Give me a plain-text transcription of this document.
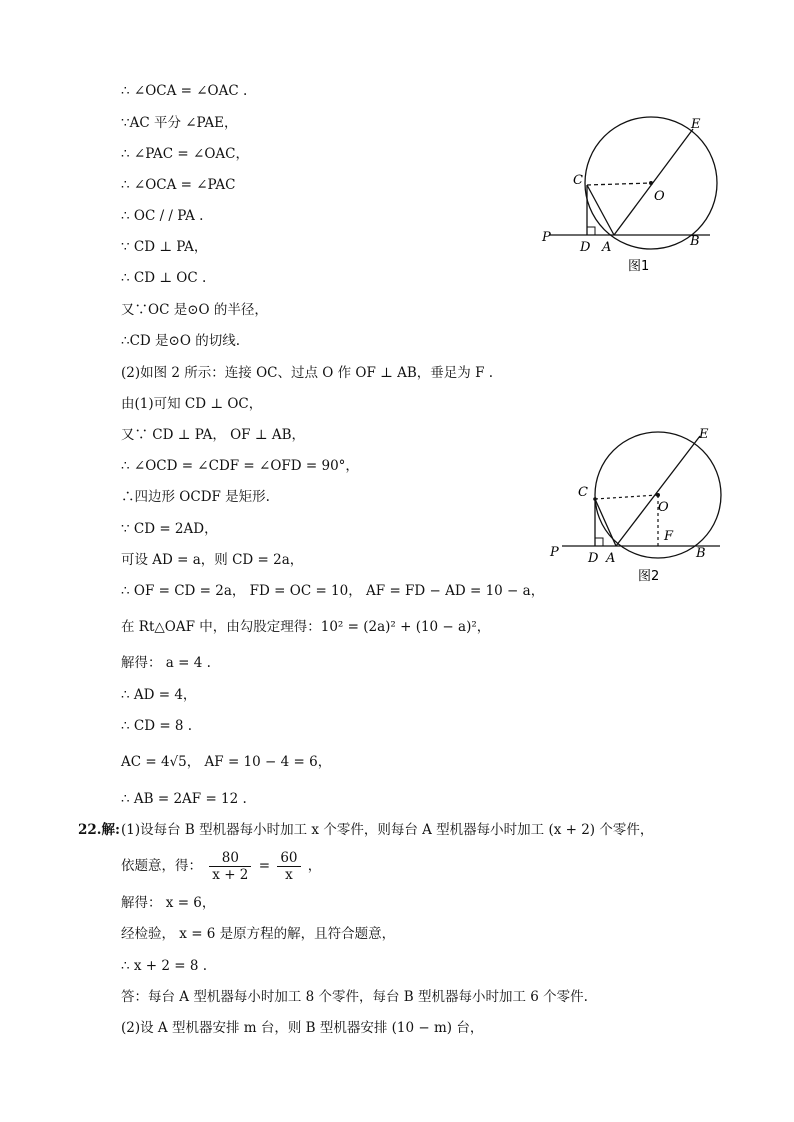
∴ ∠OCA = ∠OAC .
∵AC 平分 ∠PAE，
∴ ∠PAC = ∠OAC，
∴ ∠OCA = ∠PAC
∴ OC / / PA .
∵ CD ⊥ PA，
∴ CD ⊥ OC .
又∵OC 是⊙O 的半径，
∴CD 是⊙O 的切线.
(2)如图 2 所示：连接 OC、过点 O 作 OF ⊥ AB，垂足为 F .
由(1)可知 CD ⊥ OC，
又∵ CD ⊥ PA， OF ⊥ AB，
∴ ∠OCD = ∠CDF = ∠OFD = 90°，
∴四边形 OCDF 是矩形.
∵ CD = 2AD，
可设 AD = a，则 CD = 2a，
∴ OF = CD = 2a， FD = OC = 10， AF = FD − AD = 10 − a，
在 Rt△OAF 中，由勾股定理得：10² = (2a)² + (10 − a)²，
解得： a = 4 .
∴ AD = 4，
∴ CD = 8 .
AC = 4√5， AF = 10 − 4 = 6，
∴ AB = 2AF = 12 .
22.解: (1)设每台 B 型机器每小时加工 x 个零件，则每台 A 型机器每小时加工 (x + 2) 个零件，
依题意，得： $\frac{80}{x + 2} = \frac{60}{x}$ ，
解得： x = 6，
经检验， x = 6 是原方程的解，且符合题意，
∴ x + 2 = 8 .
答：每台 A 型机器每小时加工 8 个零件，每台 B 型机器每小时加工 6 个零件.
(2)设 A 型机器安排 m 台，则 B 型机器安排 (10 − m) 台，
E
C
O
P
D A	B
图1
E
C
O
F
P D A	B
图2
